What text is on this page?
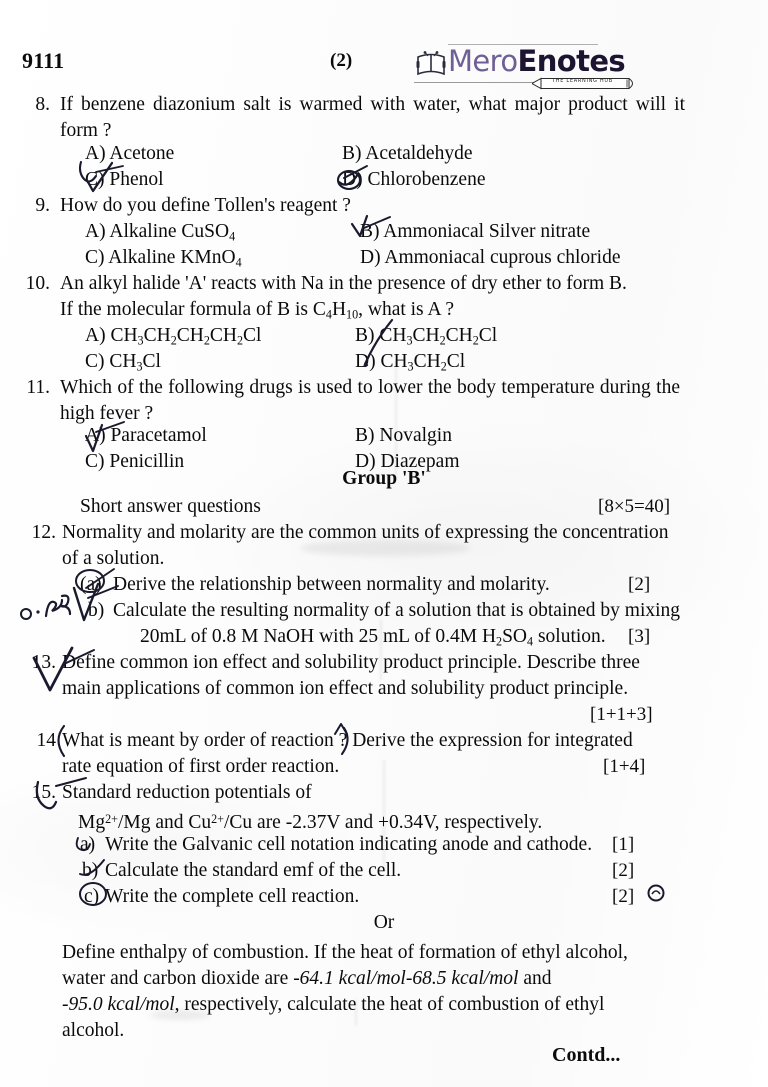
9111	(2)	MeroEnotes
THE LEARNING HUB
8. If benzene diazonium salt is warmed with water, what major product will it form ?
A) Acetone	B) Acetaldehyde
C) Phenol	D) Chlorobenzene
9. How do you define Tollen's reagent ?
A) Alkaline CuSO$_4$	B) Ammoniacal Silver nitrate
C) Alkaline KMnO$_4$	D) Ammoniacal cuprous chloride
10. An alkyl halide 'A' reacts with Na in the presence of dry ether to form B.
If the molecular formula of B is $C_4H_{10}$, what is A ?
A) $CH_3CH_2CH_2CH_2Cl$	B) $CH_3CH_2CH_2Cl$
C) $CH_3Cl$	D) $CH_3CH_2Cl$
11. Which of the following drugs is used to lower the body temperature during the high fever ?
A) Paracetamol	B) Novalgin
C) Penicillin	D) Diazepam
Group 'B'
Short answer questions	[8×5=40]
12. Normality and molarity are the common units of expressing the concentration
of a solution.
(a) Derive the relationship between normality and molarity.	[2]
b) Calculate the resulting normality of a solution that is obtained by mixing
20mL of 0.8 M NaOH with 25 mL of 0.4M $H_2SO_4$ solution. [3]
13. Define common ion effect and solubility product principle. Describe three
main applications of common ion effect and solubility product principle.
[1+1+3]
14 What is meant by order of reaction ? Derive the expression for integrated
rate equation of first order reaction.	[1+4]
15. Standard reduction potentials of
$Mg^{2+}/Mg$ and $Cu^{2+}/Cu$ are -2.37V and +0.34V, respectively.
a) Write the Galvanic cell notation indicating anode and cathode. [1]
b) Calculate the standard emf of the cell.	[2]
c) Write the complete cell reaction.	[2]
Or
Define enthalpy of combustion. If the heat of formation of ethyl alcohol,
water and carbon dioxide are -64.1 kcal/mol-68.5 kcal/mol and
-95.0 kcal/mol, respectively, calculate the heat of combustion of ethyl
alcohol.
Contd...
